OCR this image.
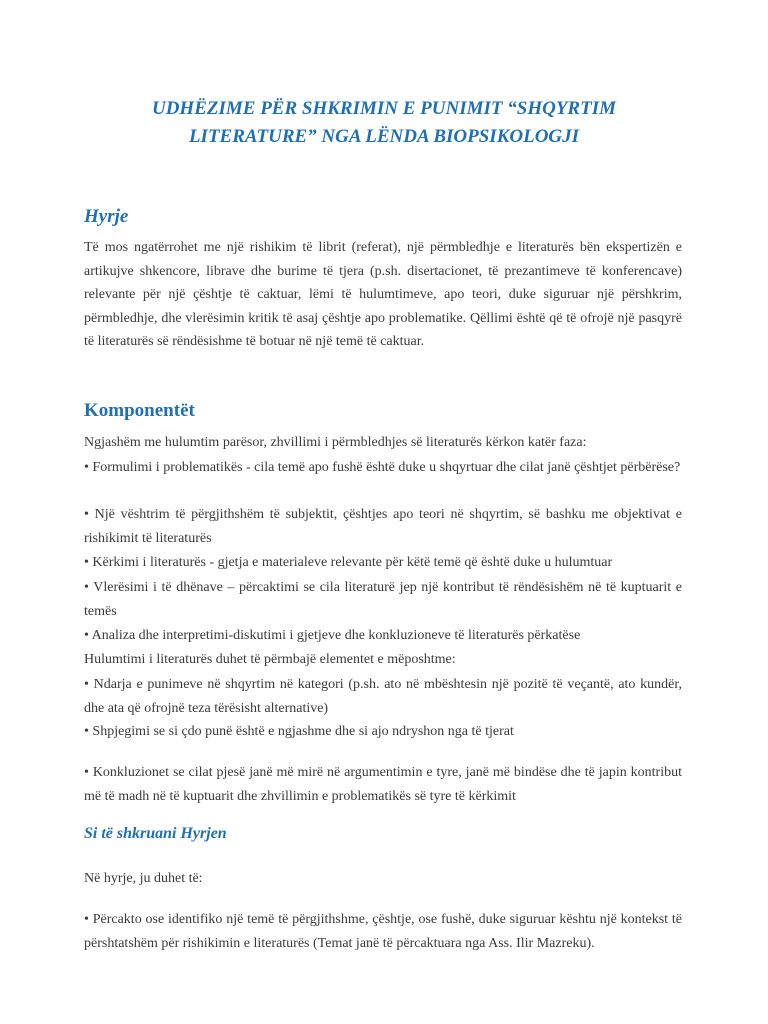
UDHËZIME PËR SHKRIMIN E PUNIMIT “SHQYRTIM
LITERATURE” NGA LËNDA BIOPSIKOLOGJI
Hyrje
Të mos ngatërrohet me një rishikim të librit (referat), një përmbledhje e literaturës bën ekspertizën e artikujve shkencore, librave dhe burime të tjera (p.sh. disertacionet, të prezantimeve të konferencave) relevante për një çështje të caktuar, lëmi të hulumtimeve, apo teori, duke siguruar një përshkrim, përmbledhje, dhe vlerësimin kritik të asaj çështje apo problematike. Qëllimi është që të ofrojë një pasqyrë të literaturës së rëndësishme të botuar në një temë të caktuar.
Komponentët
Ngjashëm me hulumtim parësor, zhvillimi i përmbledhjes së literaturës kërkon katër faza:
• Formulimi i problematikës - cila temë apo fushë është duke u shqyrtuar dhe cilat janë çështjet përbërëse?
• Një vështrim të përgjithshëm të subjektit, çështjes apo teori në shqyrtim, së bashku me objektivat e rishikimit të literaturës
• Kërkimi i literaturës - gjetja e materialeve relevante për këtë temë që është duke u hulumtuar
• Vlerësimi i të dhënave – përcaktimi se cila literaturë jep një kontribut të rëndësishëm në të kuptuarit e temës
• Analiza dhe interpretimi-diskutimi i gjetjeve dhe konkluzioneve të literaturës përkatëse
Hulumtimi i literaturës duhet të përmbajë elementet e mëposhtme:
• Ndarja e punimeve në shqyrtim në kategori (p.sh. ato në mbështesin një pozitë të veçantë, ato kundër, dhe ata që ofrojnë teza tërësisht alternative)
• Shpjegimi se si çdo punë është e ngjashme dhe si ajo ndryshon nga të tjerat
• Konkluzionet se cilat pjesë janë më mirë në argumentimin e tyre, janë më bindëse dhe të japin kontribut më të madh në të kuptuarit dhe zhvillimin e problematikës së tyre të kërkimit
Si të shkruani Hyrjen
Në hyrje, ju duhet të:
• Përcakto ose identifiko një temë të përgjithshme, çështje, ose fushë, duke siguruar kështu një kontekst të përshtatshëm për rishikimin e literaturës (Temat janë të përcaktuara nga Ass. Ilir Mazreku).
